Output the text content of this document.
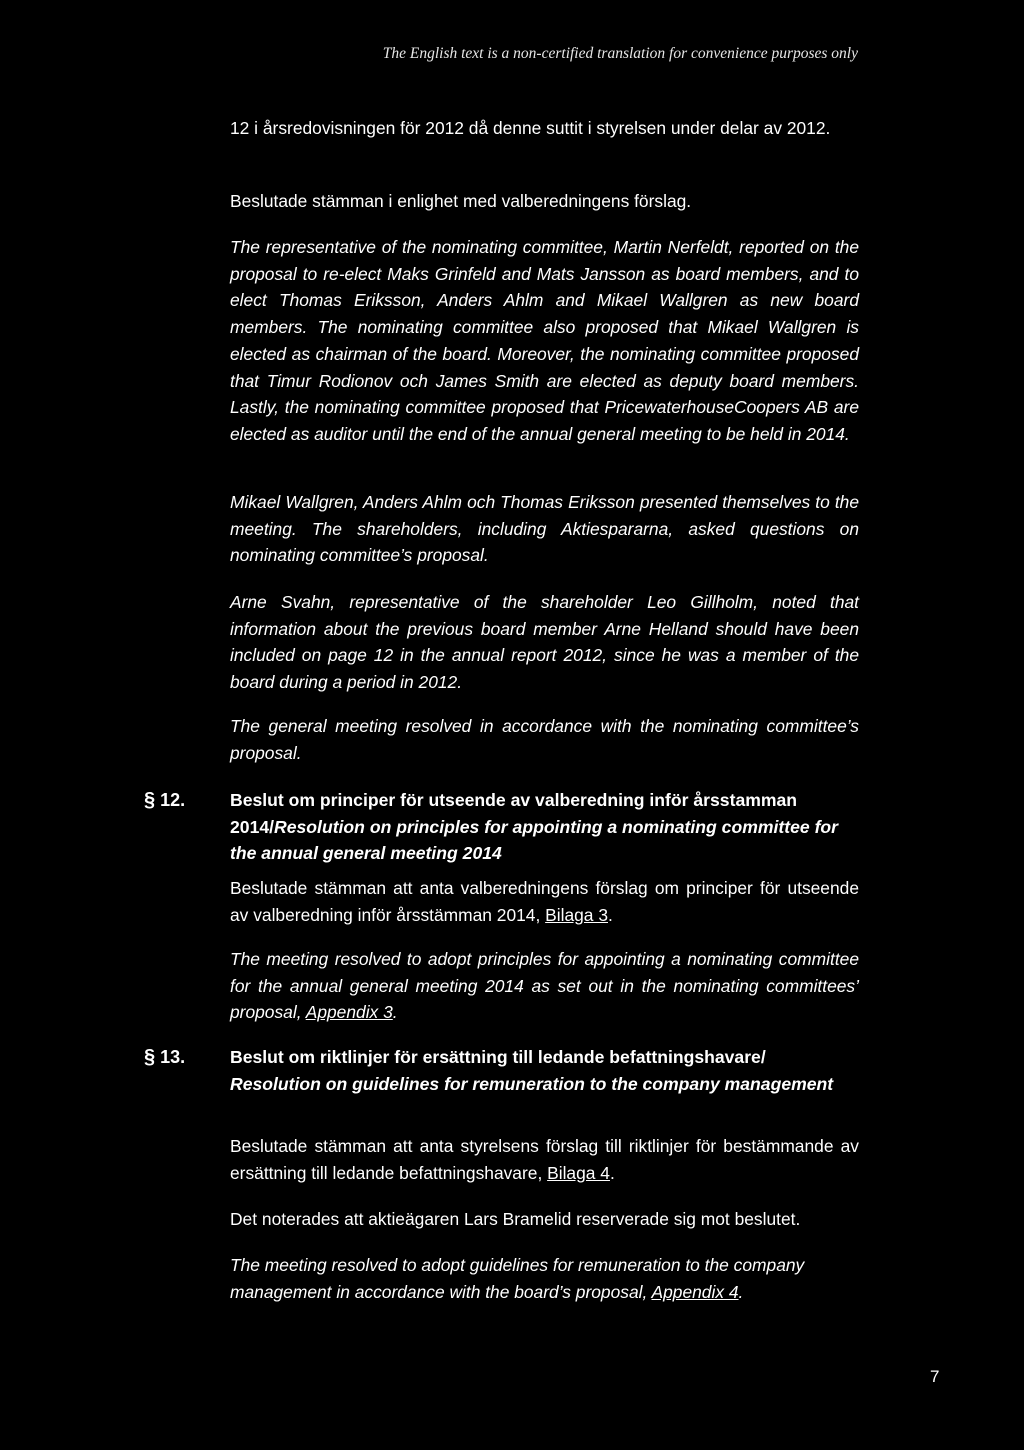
The English text is a non-certified translation for convenience purposes only
12 i årsredovisningen för 2012 då denne suttit i styrelsen under delar av 2012.
Beslutade stämman i enlighet med valberedningens förslag.
The representative of the nominating committee, Martin Nerfeldt, reported on the proposal to re-elect Maks Grinfeld and Mats Jansson as board members, and to elect Thomas Eriksson, Anders Ahlm and Mikael Wallgren as new board members. The nominating committee also proposed that Mikael Wallgren is elected as chairman of the board. Moreover, the nominating committee proposed that Timur Rodionov och James Smith are elected as deputy board members. Lastly, the nominating committee proposed that PricewaterhouseCoopers AB are elected as auditor until the end of the annual general meeting to be held in 2014.
Mikael Wallgren, Anders Ahlm och Thomas Eriksson presented themselves to the meeting. The shareholders, including Aktiespararna, asked questions on nominating committee’s proposal.
Arne Svahn, representative of the shareholder Leo Gillholm, noted that information about the previous board member Arne Helland should have been included on page 12 in the annual report 2012, since he was a member of the board during a period in 2012.
The general meeting resolved in accordance with the nominating committee’s proposal.
§ 12.	Beslut om principer för utseende av valberedning inför årsstamman 2014/Resolution on principles for appointing a nominating committee for the annual general meeting 2014
Beslutade stämman att anta valberedningens förslag om principer för utseende av valberedning inför årsstämman 2014, Bilaga 3.
The meeting resolved to adopt principles for appointing a nominating committee for the annual general meeting 2014 as set out in the nominating committees’ proposal, Appendix 3.
§ 13.	Beslut om riktlinjer för ersättning till ledande befattningshavare/
Resolution on guidelines for remuneration to the company management
Beslutade stämman att anta styrelsens förslag till riktlinjer för bestämmande av ersättning till ledande befattningshavare, Bilaga 4.
Det noterades att aktieägaren Lars Bramelid reserverade sig mot beslutet.
The meeting resolved to adopt guidelines for remuneration to the company management in accordance with the board’s proposal, Appendix 4.
7
